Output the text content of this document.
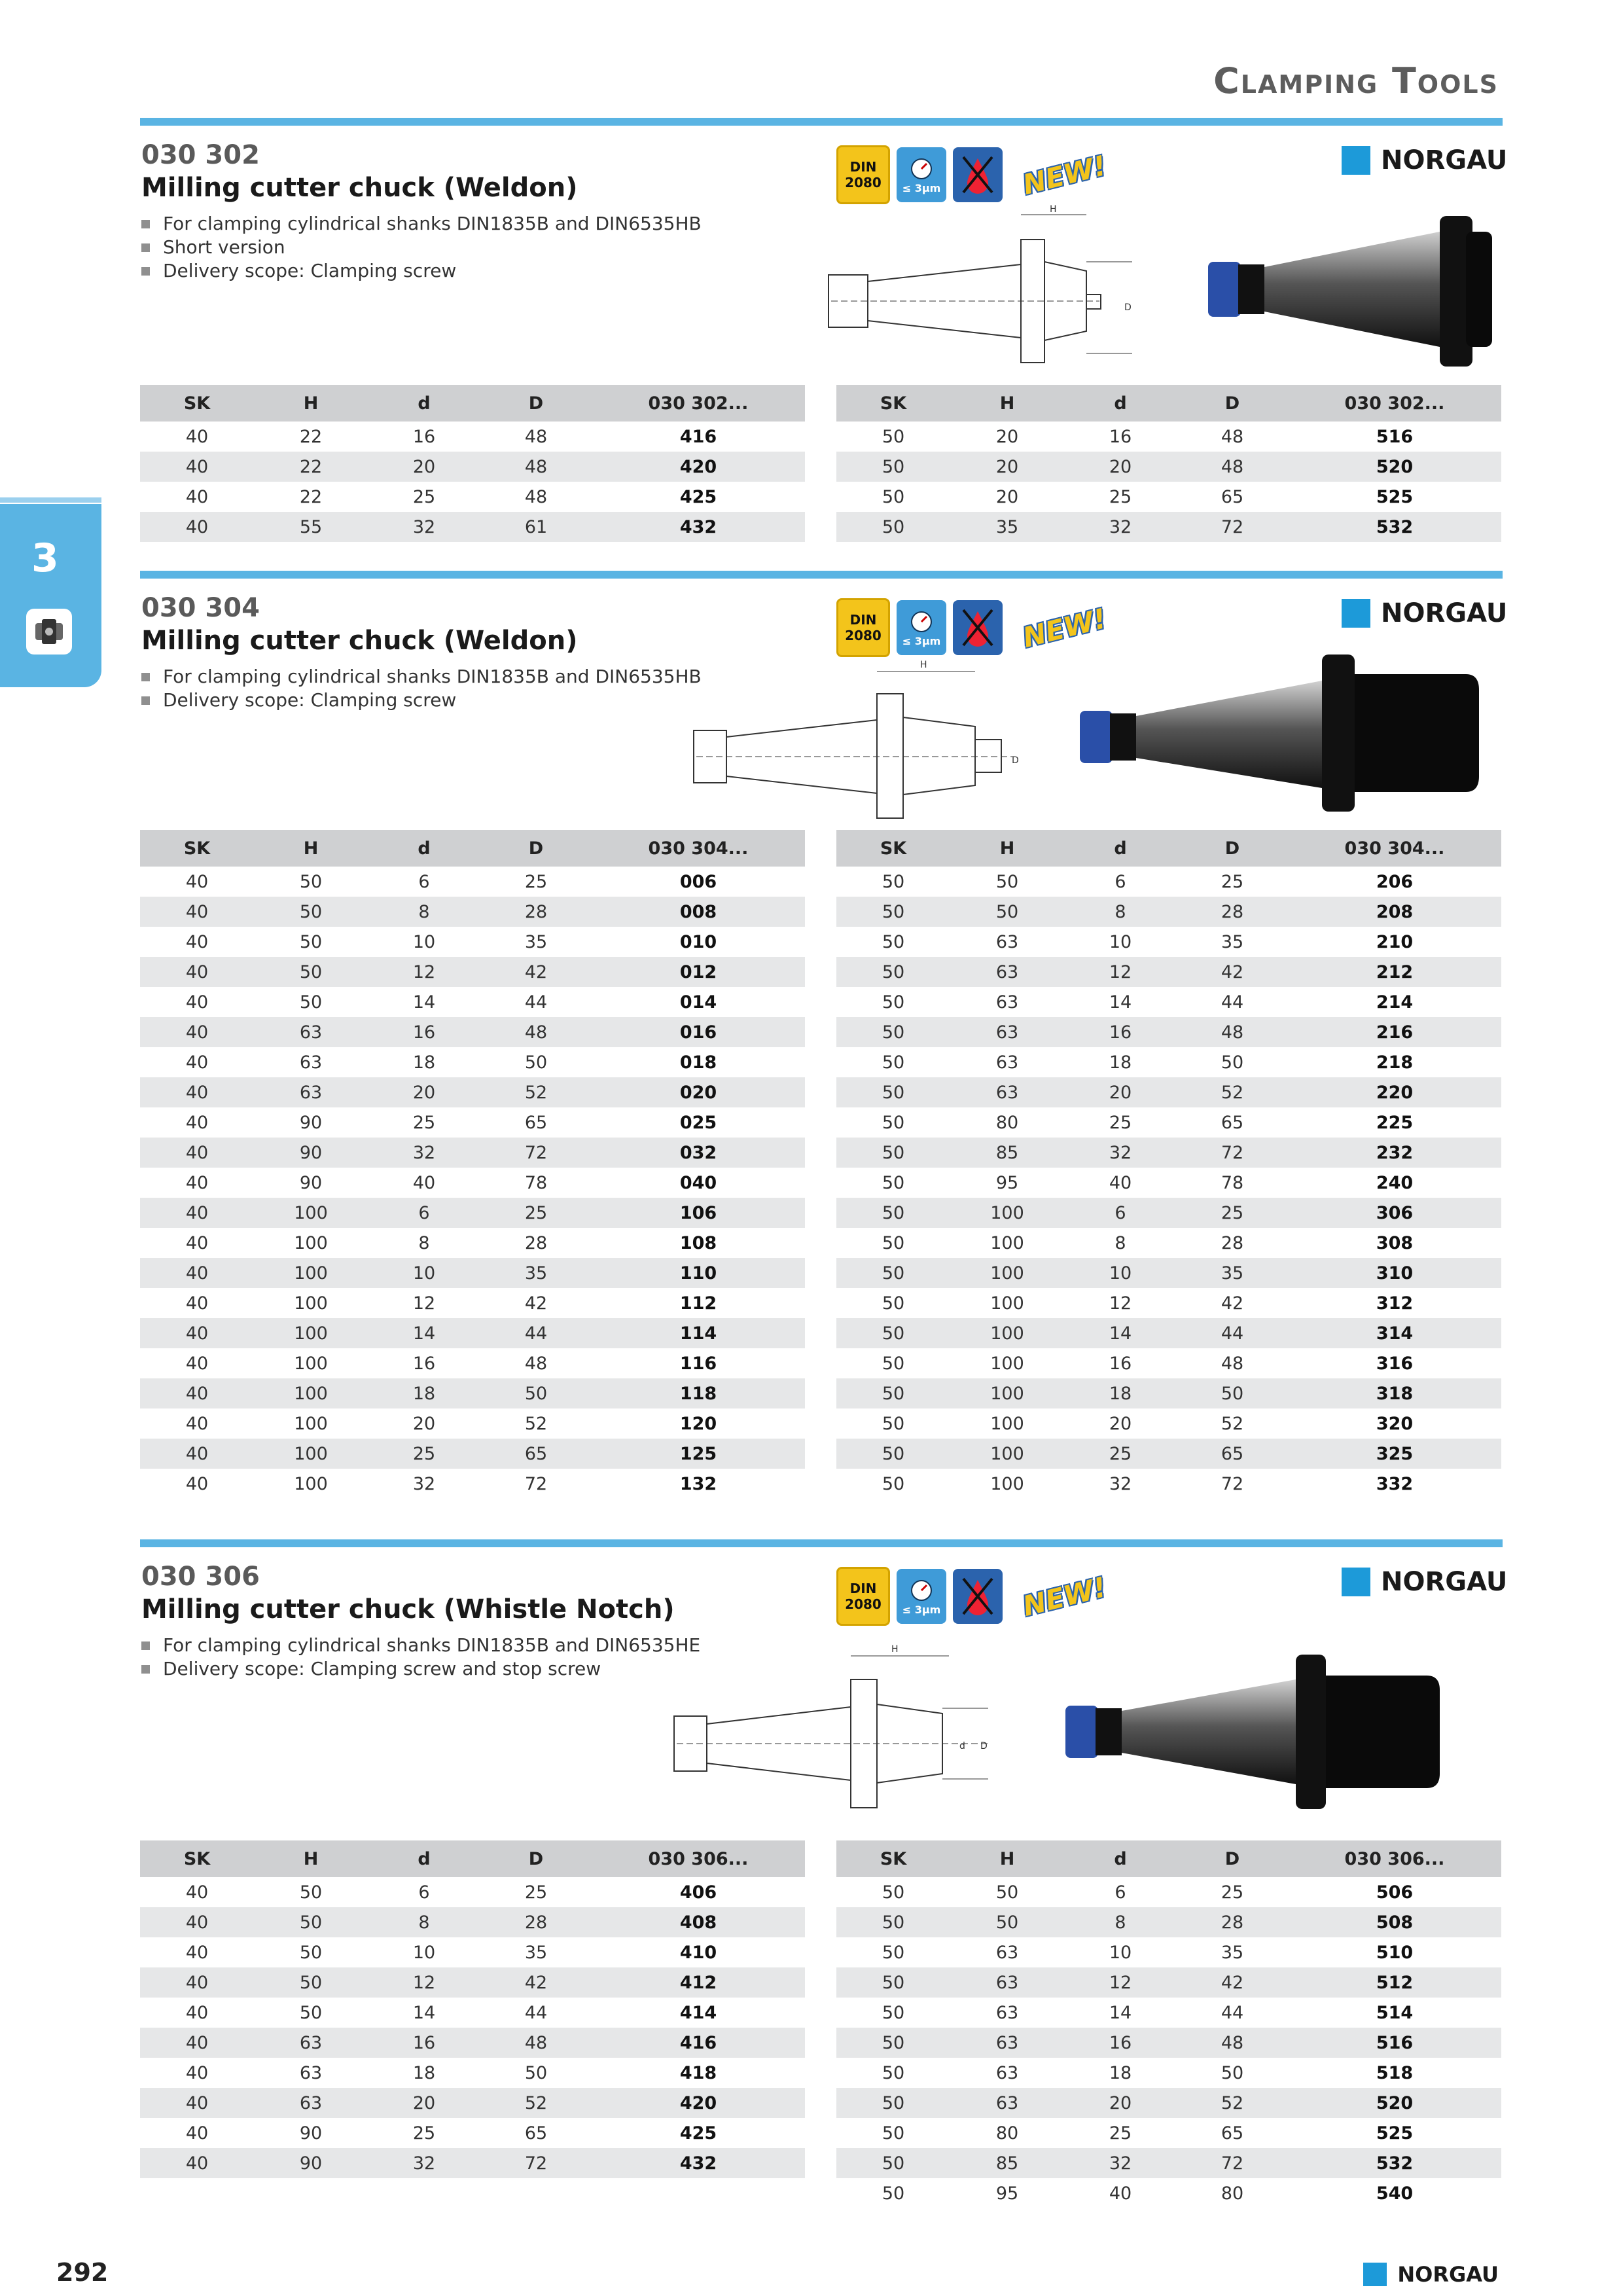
Clamping Tools
3
030 302
Milling cutter chuck (Weldon)
For clamping cylindrical shanks DIN1835B and DIN6535HB
Short version
Delivery scope: Clamping screw
DIN
2080 ≤ 3µm	NEW!	NORGAU
H
D
SK	H	d	D	030 302...
40	22	16	48	416
40	22	20	48	420
40	22	25	48	425
40	55	32	61	432
SK	H	d	D	030 302...
50	20	16	48	516
50	20	20	48	520
50	20	25	65	525
50	35	32	72	532
030 304
Milling cutter chuck (Weldon)
For clamping cylindrical shanks DIN1835B and DIN6535HB
Delivery scope: Clamping screw
DIN
2080 ≤ 3µm	NEW!	NORGAU
H
D
SK	H	d	D	030 304...
40	50	6	25	006
40	50	8	28	008
40	50	10	35	010
40	50	12	42	012
40	50	14	44	014
40	63	16	48	016
40	63	18	50	018
40	63	20	52	020
40	90	25	65	025
40	90	32	72	032
40	90	40	78	040
40	100	6	25	106
40	100	8	28	108
40	100	10	35	110
40	100	12	42	112
40	100	14	44	114
40	100	16	48	116
40	100	18	50	118
40	100	20	52	120
40	100	25	65	125
40	100	32	72	132
SK	H	d	D	030 304...
50	50	6	25	206
50	50	8	28	208
50	63	10	35	210
50	63	12	42	212
50	63	14	44	214
50	63	16	48	216
50	63	18	50	218
50	63	20	52	220
50	80	25	65	225
50	85	32	72	232
50	95	40	78	240
50	100	6	25	306
50	100	8	28	308
50	100	10	35	310
50	100	12	42	312
50	100	14	44	314
50	100	16	48	316
50	100	18	50	318
50	100	20	52	320
50	100	25	65	325
50	100	32	72	332
030 306
Milling cutter chuck (Whistle Notch)
For clamping cylindrical shanks DIN1835B and DIN6535HE
Delivery scope: Clamping screw and stop screw
DIN
2080 ≤ 3µm	NEW!	NORGAU
H
d D
SK	H	d	D	030 306...
40	50	6	25	406
40	50	8	28	408
40	50	10	35	410
40	50	12	42	412
40	50	14	44	414
40	63	16	48	416
40	63	18	50	418
40	63	20	52	420
40	90	25	65	425
40	90	32	72	432
SK	H	d	D	030 306...
50	50	6	25	506
50	50	8	28	508
50	63	10	35	510
50	63	12	42	512
50	63	14	44	514
50	63	16	48	516
50	63	18	50	518
50	63	20	52	520
50	80	25	65	525
50	85	32	72	532
50	95	40	80	540
292	NORGAU
